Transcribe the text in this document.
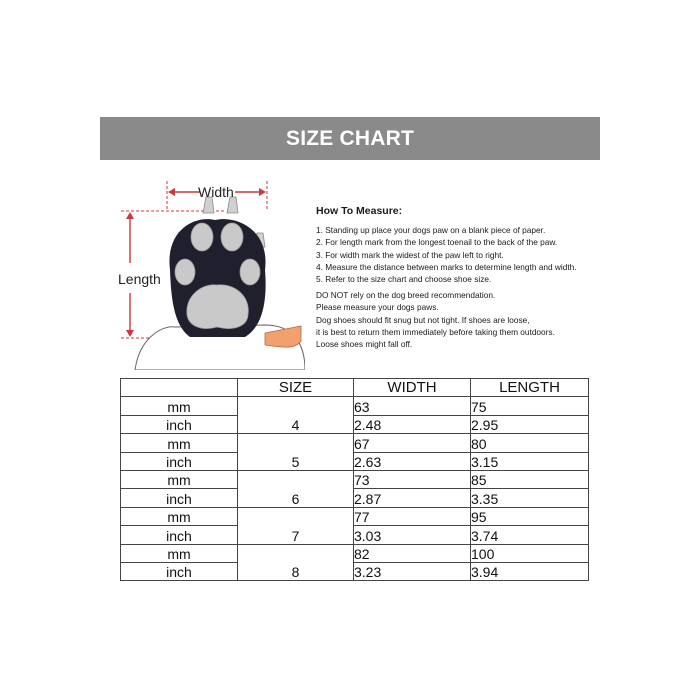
SIZE CHART
Width
Length
How To Measure:

1. Standing up place your dogs paw on a blank piece of paper.

2. For length mark from the longest toenail to the back of the paw.

3. For width mark the widest of the paw left to right.

4. Measure the distance between marks to determine length and width.

5. Refer to the size chart and choose shoe size.

DO NOT rely on the dog breed recommendation.

Please measure your dogs paws.

Dog shoes should fit snug but not tight. If shoes are loose,

it is best to return them immediately before taking them outdoors.

Loose shoes might fall off.

	SIZE	WIDTH	LENGTH
mm	4	63	75
inch		2.48	2.95
mm	5	67	80
inch		2.63	3.15
mm	6	73	85
inch		2.87	3.35
mm	7	77	95
inch		3.03	3.74
mm	8	82	100
inch		3.23	3.94
